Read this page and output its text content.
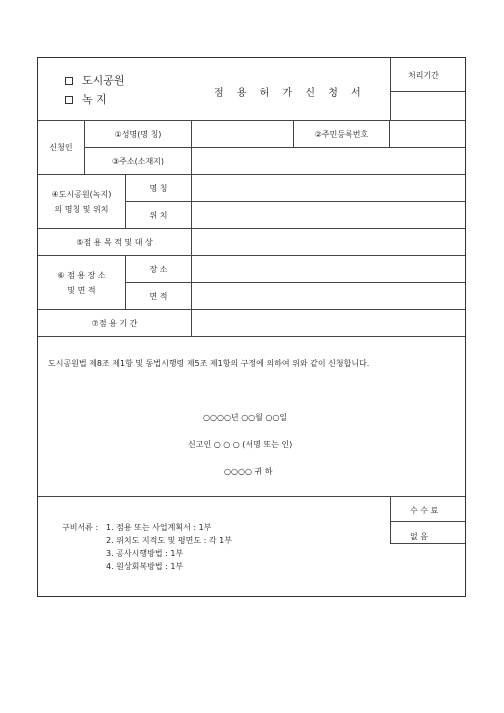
처리기간
도시공원
녹 지	점 용 허 가 신 청 서
신청인
①성명(명 칭)	②주민등록번호
③주소(소재지)
④도시공원(녹지)
의 명칭 및 위치
명 칭
위 치
⑤점 용 목 적 및 대 상
⑥ 점 용 장 소
및 면 적
장 소
면 적
⑦점 용 기 간
도시공원법 제8조 제1항 및 동법시행령 제5조 제1항의 구정에 의하여 위와 같이 신청합니다.
○○○○년 ○○월 ○○일
신고인 ○ ○ ○ (서명 또는 인)
○○○○ 귀 하
수 수 료
없 음
구비서류 : 1. 점용 또는 사업계획서 : 1부
2. 위치도 지적도 및 평면도 : 각 1부
3. 공사시행방법 : 1부
4. 원상회복방법 : 1부
